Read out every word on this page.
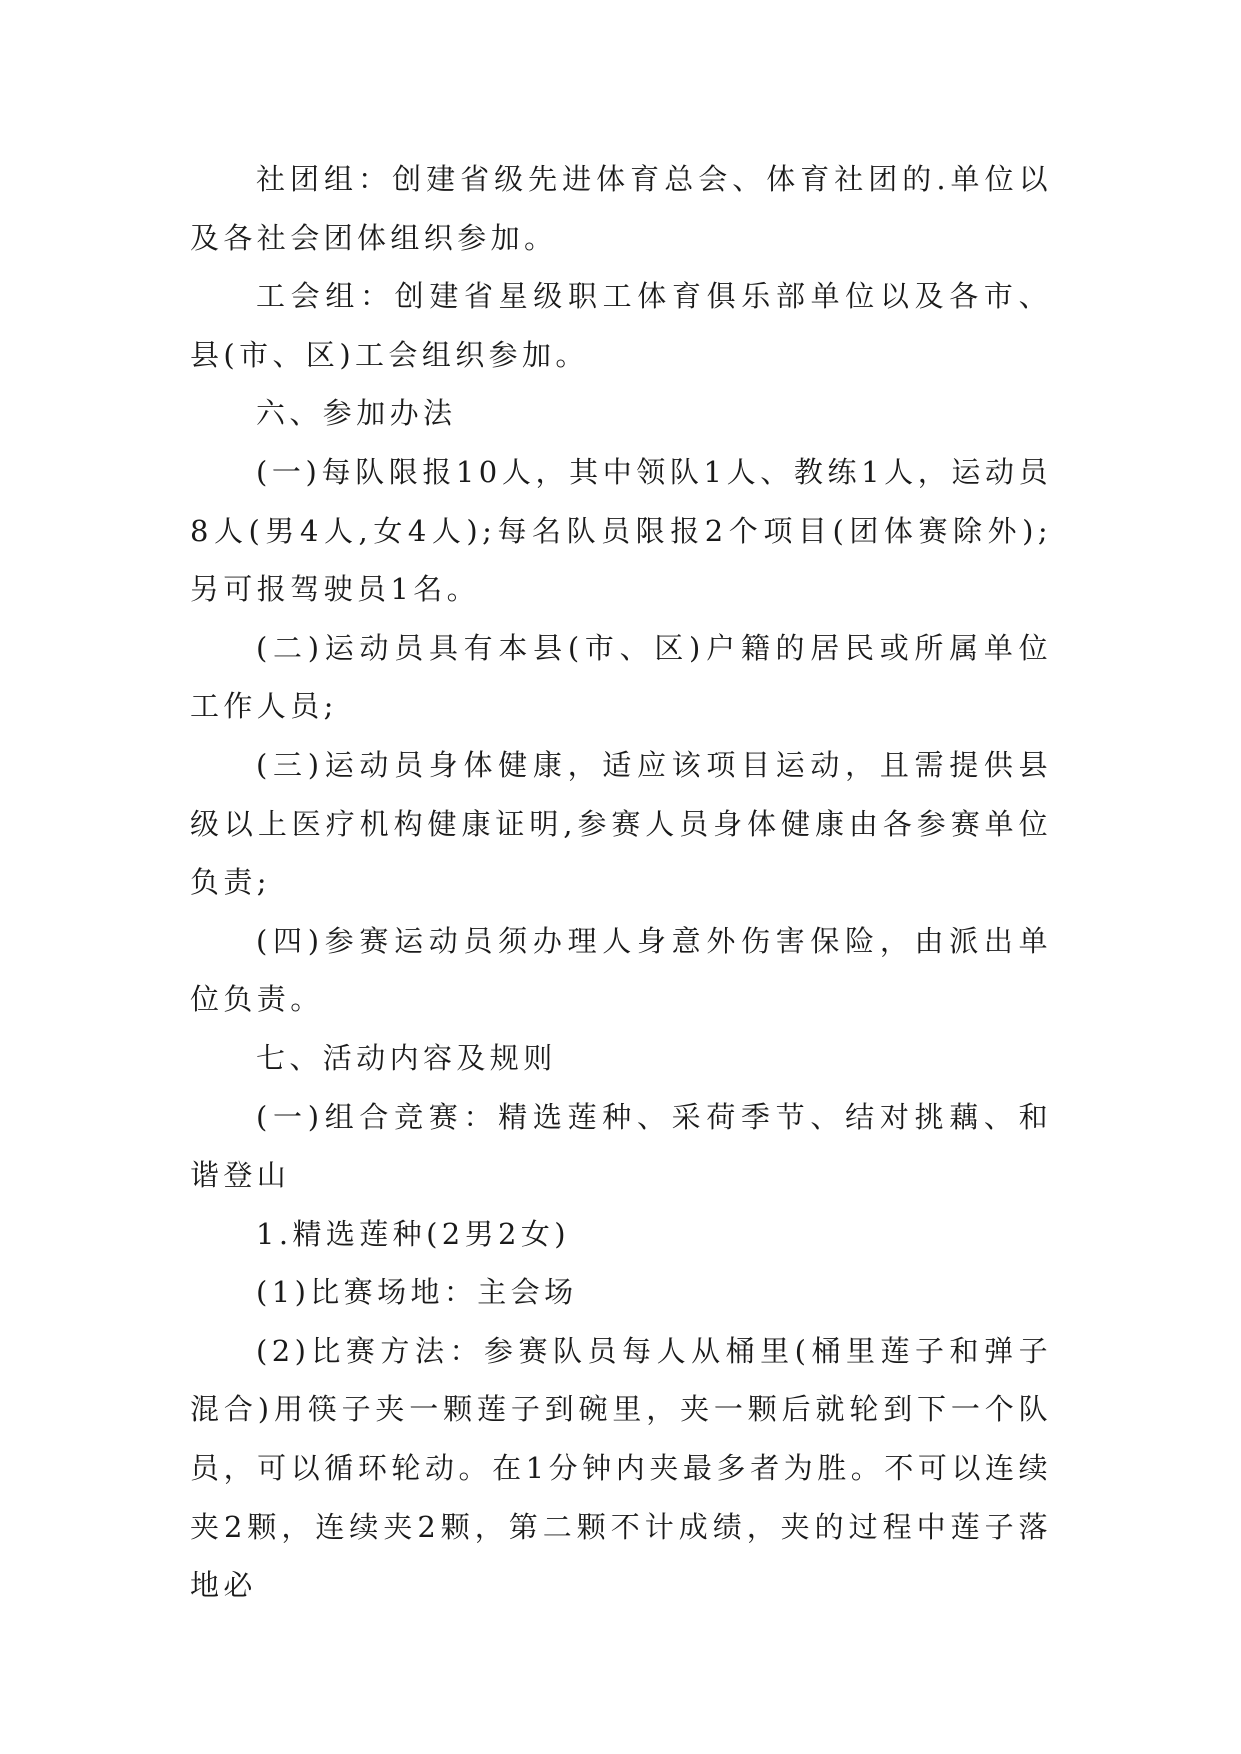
社团组：创建省级先进体育总会、体育社团的.单位以及各社会团体组织参加。

工会组：创建省星级职工体育俱乐部单位以及各市、县(市、区)工会组织参加。

六、参加办法

(一)每队限报10人，其中领队1人、教练1人，运动员8人(男4人,女4人);每名队员限报2个项目(团体赛除外);另可报驾驶员1名。

(二)运动员具有本县(市、区)户籍的居民或所属单位工作人员;

(三)运动员身体健康，适应该项目运动，且需提供县级以上医疗机构健康证明,参赛人员身体健康由各参赛单位负责;

(四)参赛运动员须办理人身意外伤害保险，由派出单位负责。

七、活动内容及规则

(一)组合竞赛：精选莲种、采荷季节、结对挑藕、和谐登山

1.精选莲种(2男2女)

(1)比赛场地：主会场

(2)比赛方法：参赛队员每人从桶里(桶里莲子和弹子混合)用筷子夹一颗莲子到碗里，夹一颗后就轮到下一个队员，可以循环轮动。在1分钟内夹最多者为胜。不可以连续夹2颗，连续夹2颗，第二颗不计成绩，夹的过程中莲子落地必
